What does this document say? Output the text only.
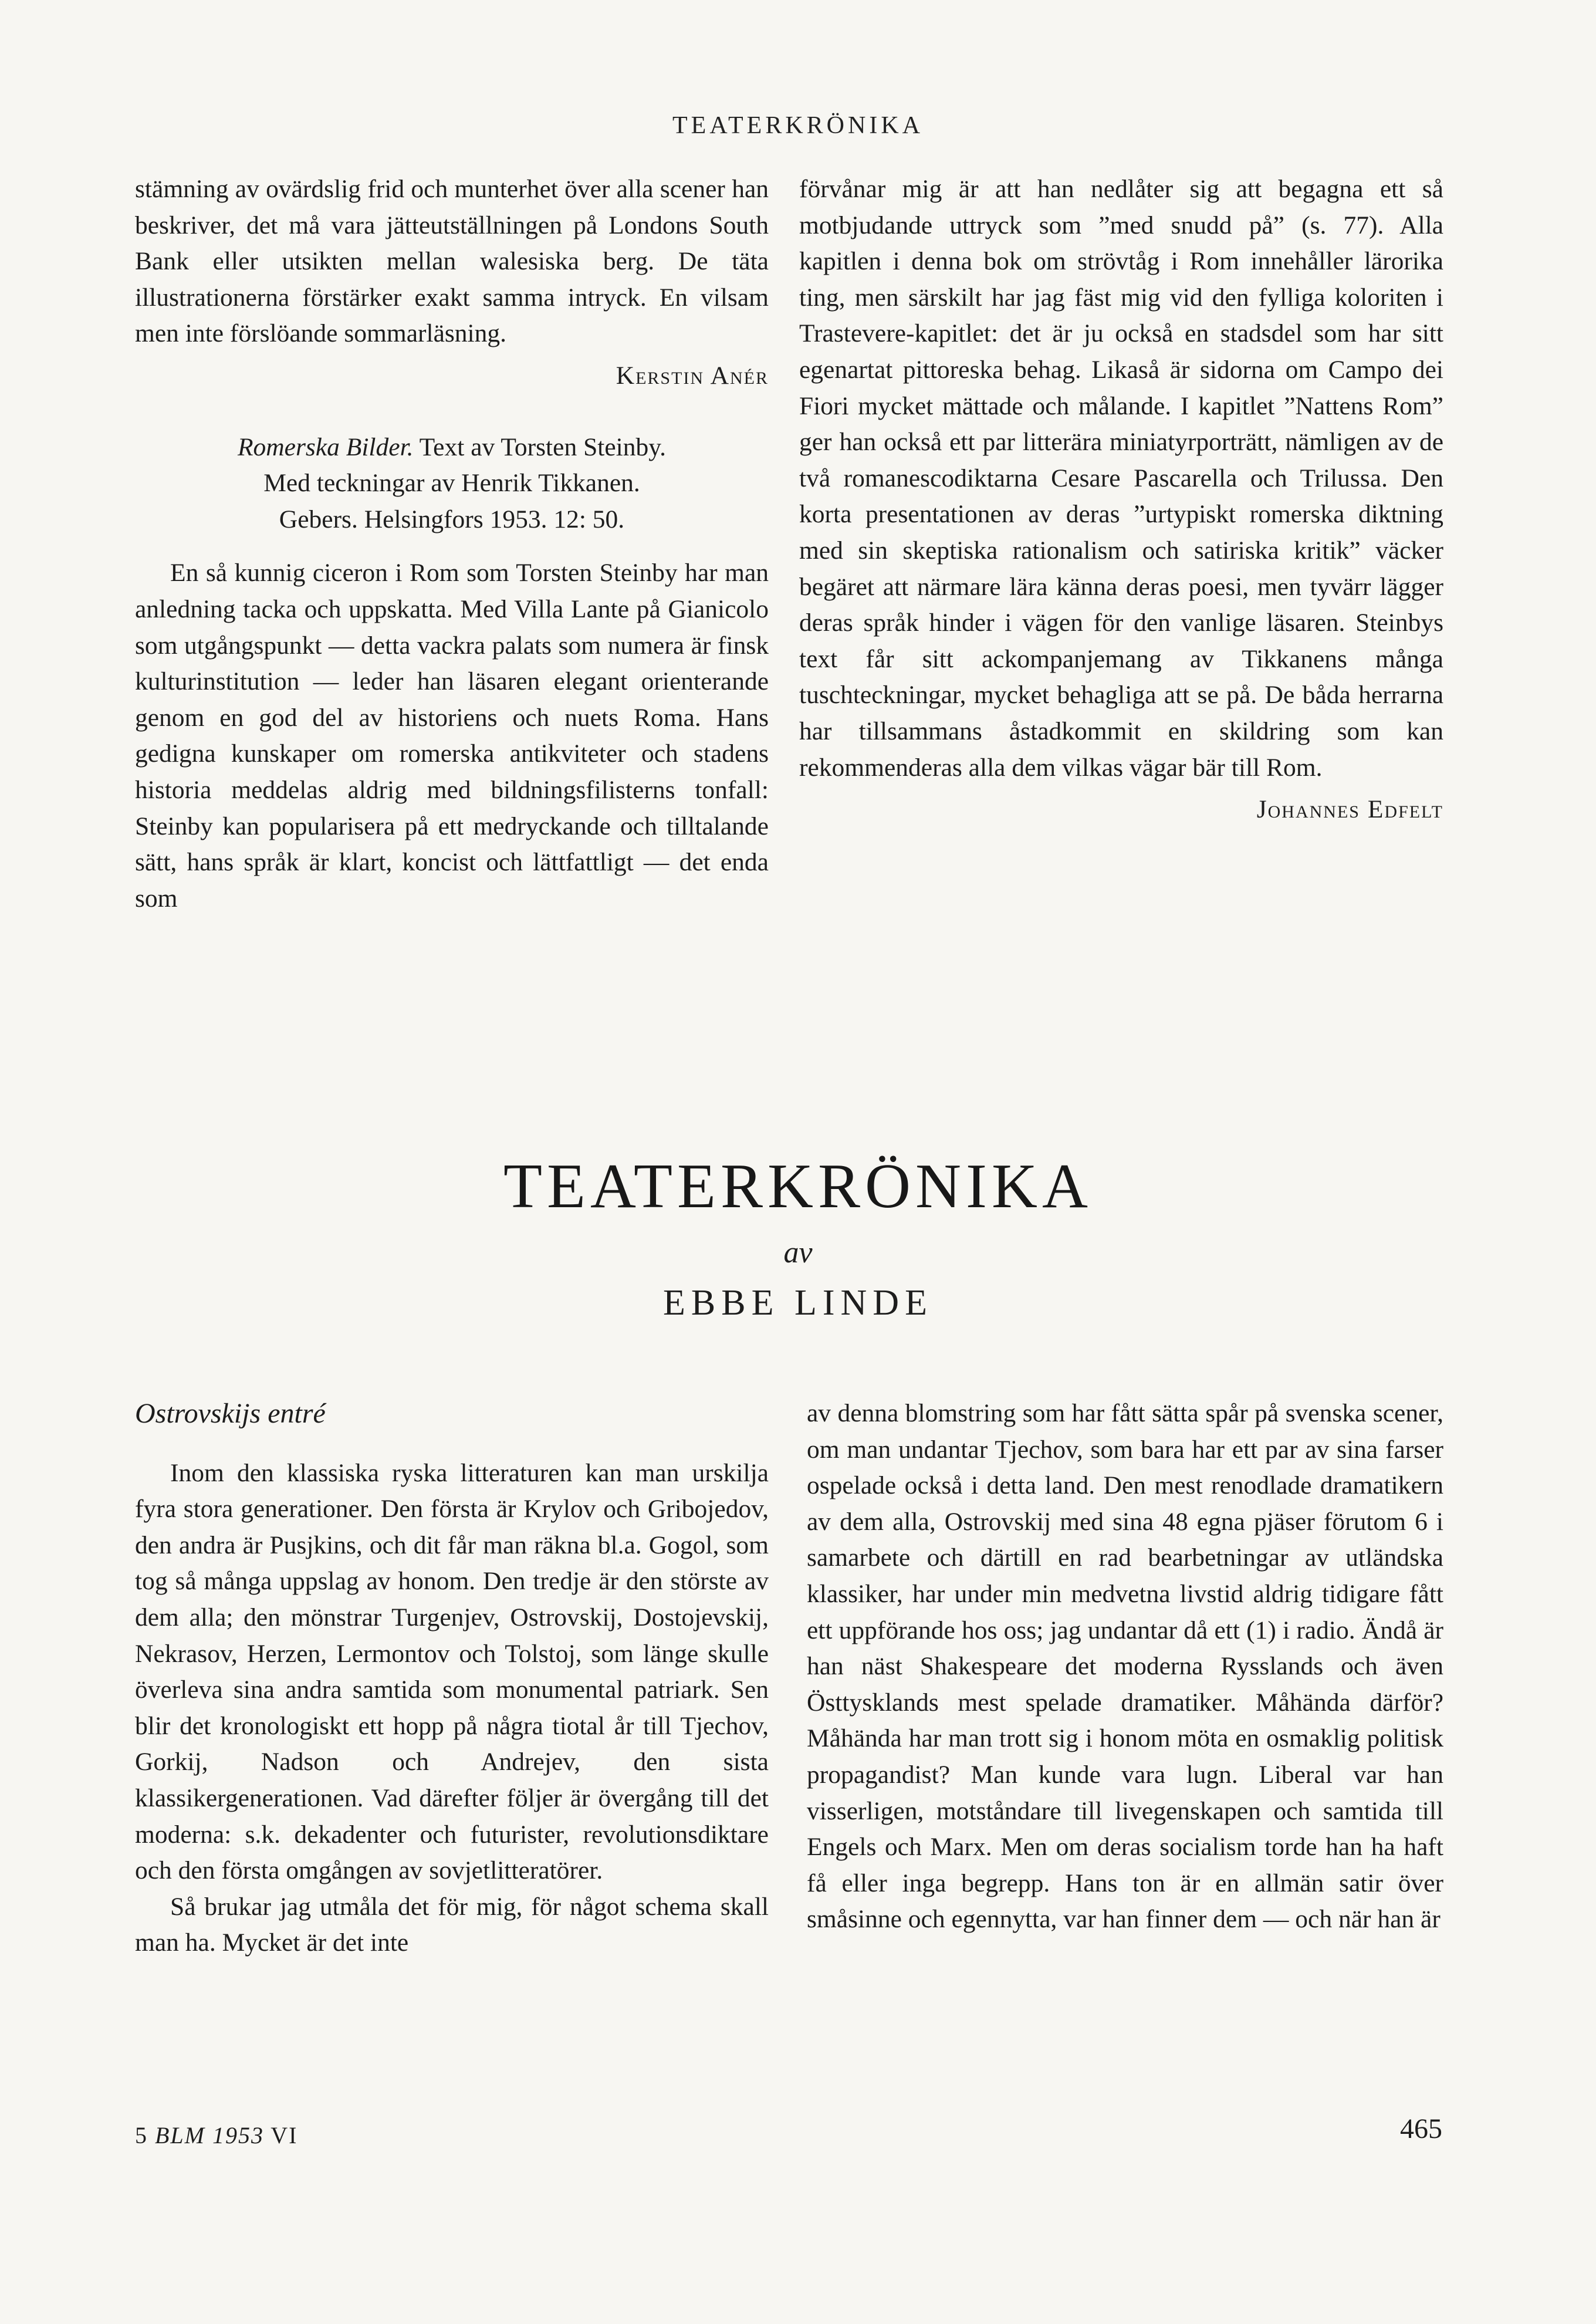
TEATERKRÖNIKA

stämning av ovärdslig frid och munterhet över alla scener han beskriver, det må vara jätteutställningen på Londons South Bank eller utsikten mellan walesiska berg. De täta illustrationerna förstärker exakt samma intryck. En vilsam men inte förslöande sommarläsning.

Kerstin Anér

Romerska Bilder. Text av Torsten Steinby.
Med teckningar av Henrik Tikkanen.
Gebers. Helsingfors 1953. 12: 50.

En så kunnig ciceron i Rom som Torsten Steinby har man anledning tacka och uppskatta. Med Villa Lante på Gianicolo som utgångspunkt — detta vackra palats som numera är finsk kulturinstitution — leder han läsaren elegant orienterande genom en god del av historiens och nuets Roma. Hans gedigna kunskaper om romerska antikviteter och stadens historia meddelas aldrig med bildningsfilisterns tonfall: Steinby kan popularisera på ett medryckande och tilltalande sätt, hans språk är klart, koncist och lättfattligt — det enda som

förvånar mig är att han nedlåter sig att begagna ett så motbjudande uttryck som ”med snudd på” (s. 77). Alla kapitlen i denna bok om strövtåg i Rom innehåller lärorika ting, men särskilt har jag fäst mig vid den fylliga koloriten i Trastevere-kapitlet: det är ju också en stadsdel som har sitt egenartat pittoreska behag. Likaså är sidorna om Campo dei Fiori mycket mättade och målande. I kapitlet ”Nattens Rom” ger han också ett par litterära miniatyrporträtt, nämligen av de två romanescodiktarna Cesare Pascarella och Trilussa. Den korta presentationen av deras ”urtypiskt romerska diktning med sin skeptiska rationalism och satiriska kritik” väcker begäret att närmare lära känna deras poesi, men tyvärr lägger deras språk hinder i vägen för den vanlige läsaren. Steinbys text får sitt ackompanjemang av Tikkanens många tuschteckningar, mycket behagliga att se på. De båda herrarna har tillsammans åstadkommit en skildring som kan rekommenderas alla dem vilkas vägar bär till Rom.

Johannes Edfelt

TEATERKRÖNIKA
av
EBBE LINDE

Ostrovskijs entré

Inom den klassiska ryska litteraturen kan man urskilja fyra stora generationer. Den första är Krylov och Gribojedov, den andra är Pusjkins, och dit får man räkna bl.a. Gogol, som tog så många uppslag av honom. Den tredje är den störste av dem alla; den mönstrar Turgenjev, Ostrovskij, Dostojevskij, Nekrasov, Herzen, Lermontov och Tolstoj, som länge skulle överleva sina andra samtida som monumental patriark. Sen blir det kronologiskt ett hopp på några tiotal år till Tjechov, Gorkij, Nadson och Andrejev, den sista klassikergenerationen. Vad därefter följer är övergång till det moderna: s.k. dekadenter och futurister, revolutionsdiktare och den första omgången av sovjetlitteratörer.

Så brukar jag utmåla det för mig, för något schema skall man ha. Mycket är det inte

av denna blomstring som har fått sätta spår på svenska scener, om man undantar Tjechov, som bara har ett par av sina farser ospelade också i detta land. Den mest renodlade dramatikern av dem alla, Ostrovskij med sina 48 egna pjäser förutom 6 i samarbete och därtill en rad bearbetningar av utländska klassiker, har under min medvetna livstid aldrig tidigare fått ett uppförande hos oss; jag undantar då ett (1) i radio. Ändå är han näst Shakespeare det moderna Rysslands och även Östtysklands mest spelade dramatiker. Måhända därför? Måhända har man trott sig i honom möta en osmaklig politisk propagandist? Man kunde vara lugn. Liberal var han visserligen, motståndare till livegenskapen och samtida till Engels och Marx. Men om deras socialism torde han ha haft få eller inga begrepp. Hans ton är en allmän satir över småsinne och egennytta, var han finner dem — och när han är

5 BLM 1953 VI	465
